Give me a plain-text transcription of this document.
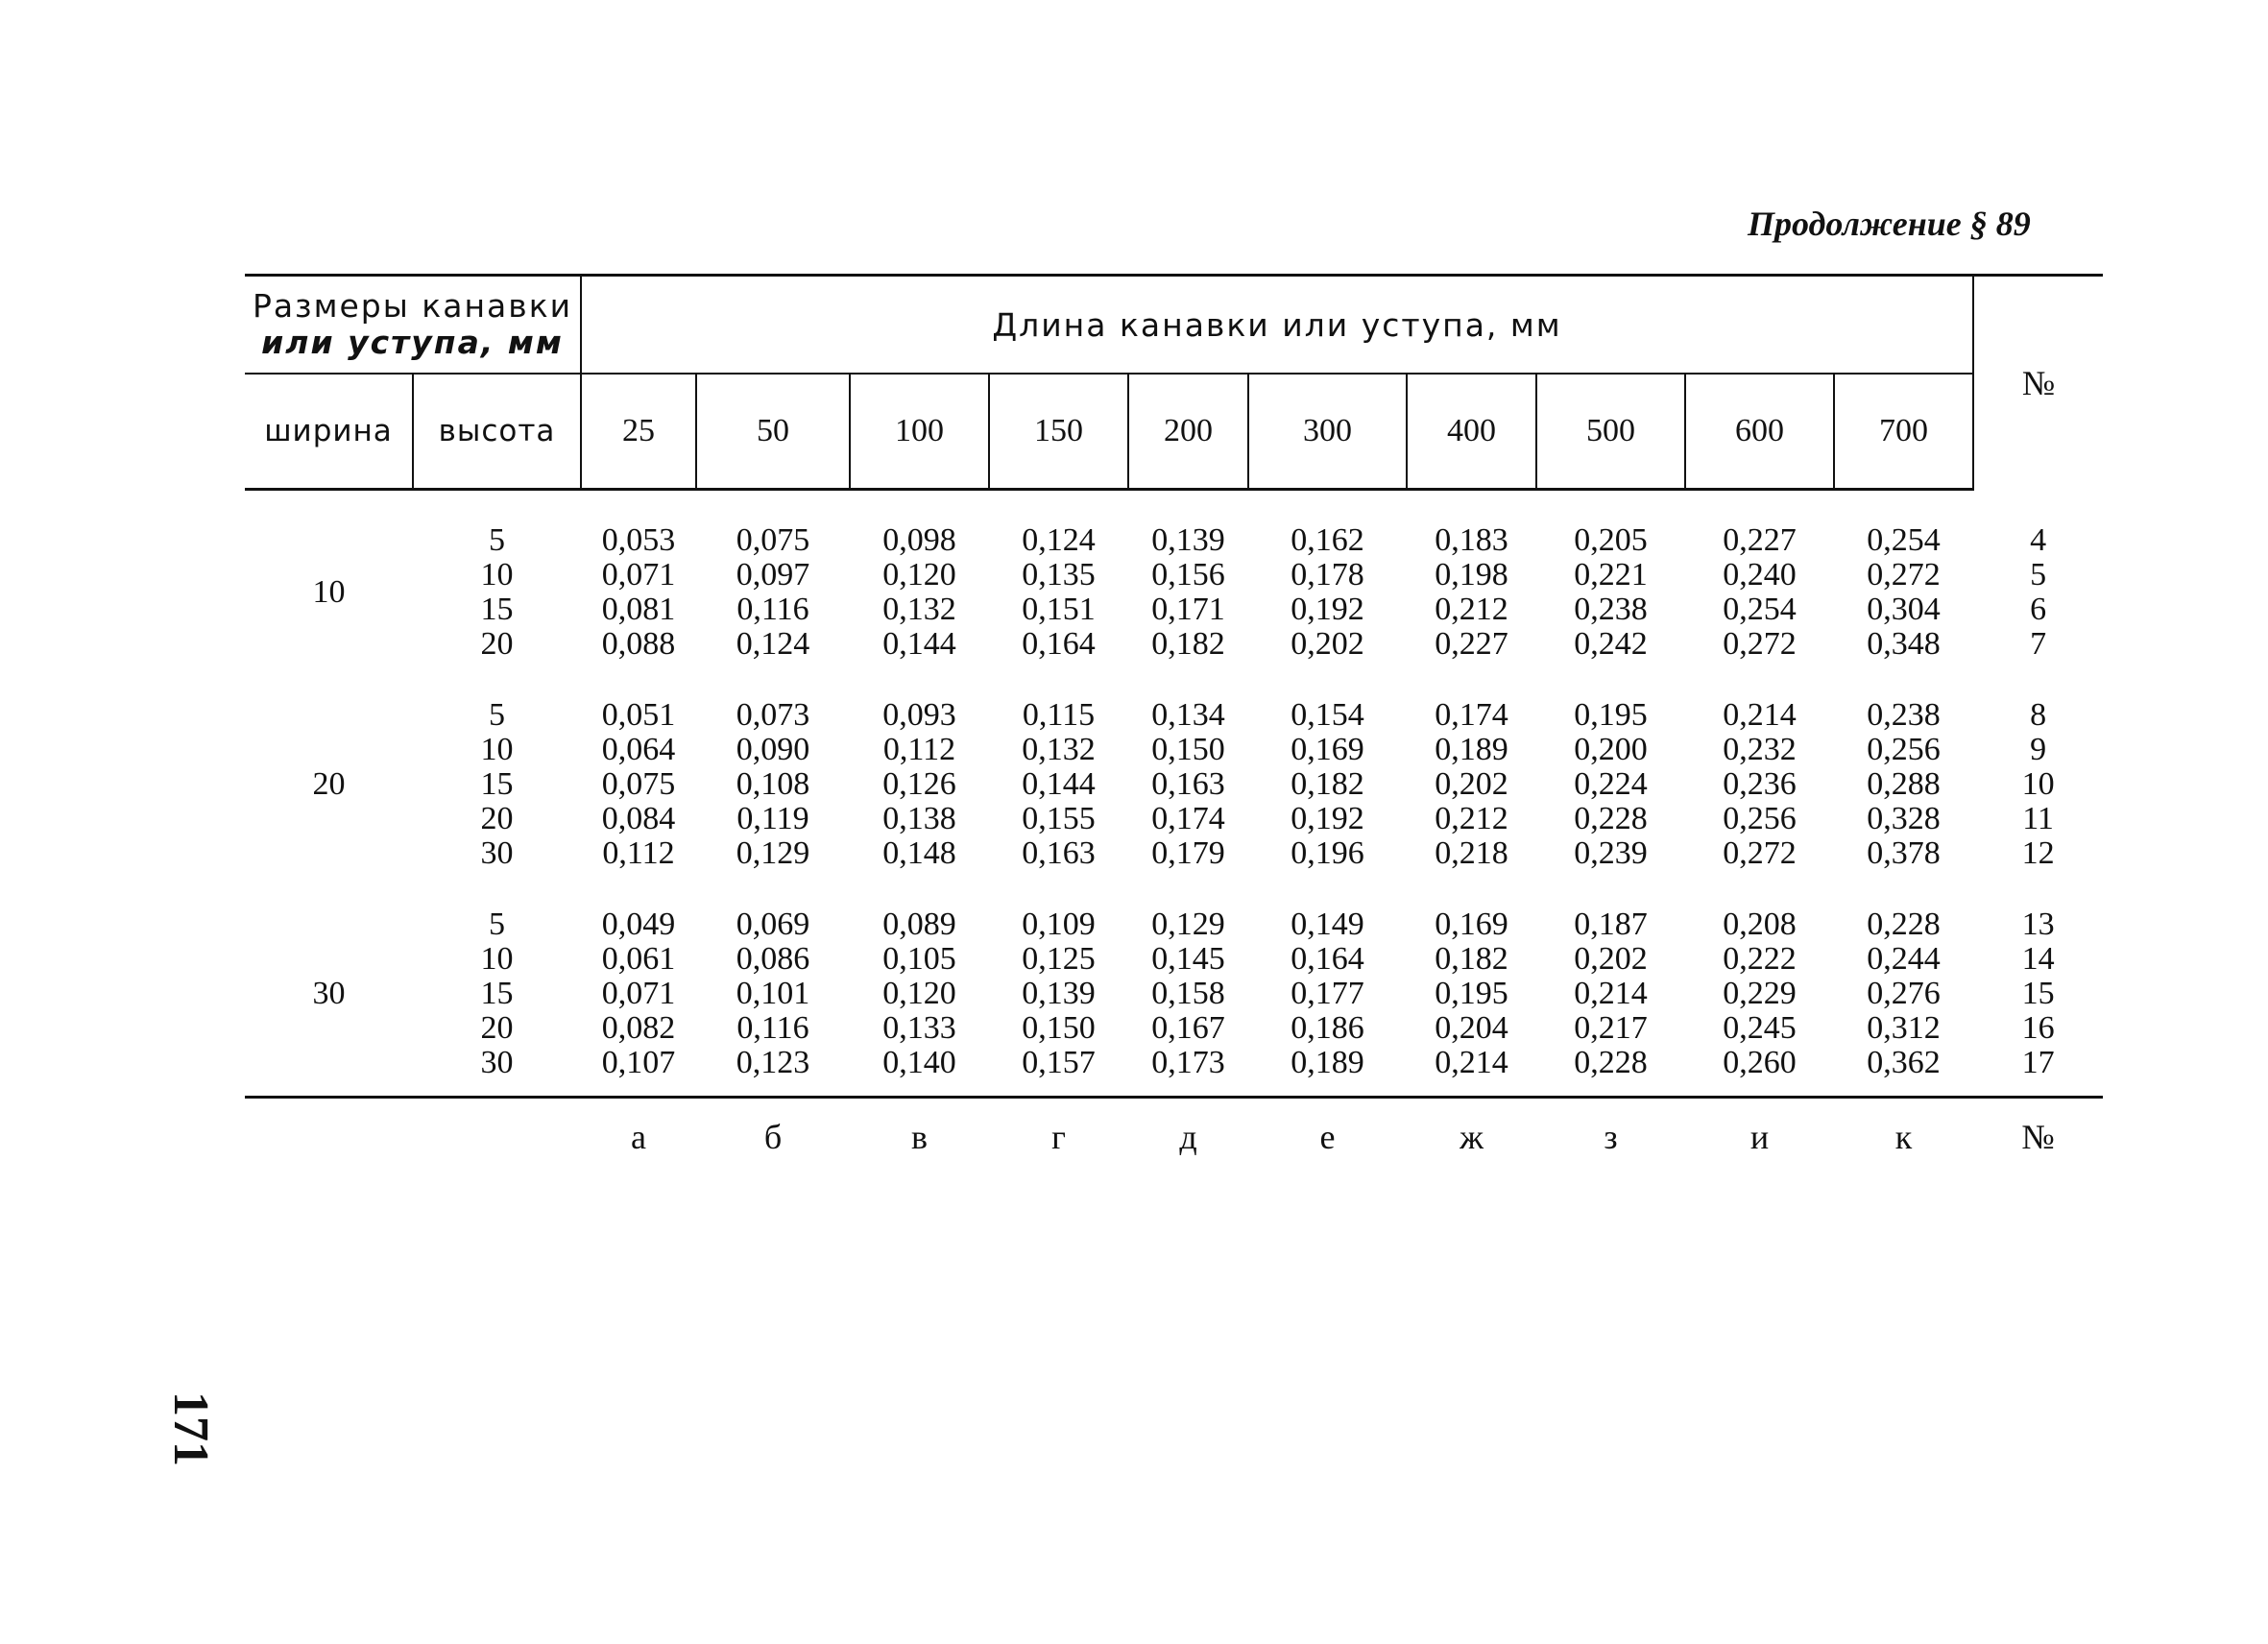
Продолжение § 89
171
Размеры канавки
или уступа, мм		Длина канавки или уступа, мм										№
ширина	высота	25	50	100	150	200	300	400	500	600	700	

10	5	0,053	0,075	0,098	0,124	0,139	0,162	0,183	0,205	0,227	0,254	4
	10	0,071	0,097	0,120	0,135	0,156	0,178	0,198	0,221	0,240	0,272	5
	15	0,081	0,116	0,132	0,151	0,171	0,192	0,212	0,238	0,254	0,304	6
	20	0,088	0,124	0,144	0,164	0,182	0,202	0,227	0,242	0,272	0,348	7

20	5	0,051	0,073	0,093	0,115	0,134	0,154	0,174	0,195	0,214	0,238	8
	10	0,064	0,090	0,112	0,132	0,150	0,169	0,189	0,200	0,232	0,256	9
	15	0,075	0,108	0,126	0,144	0,163	0,182	0,202	0,224	0,236	0,288	10
	20	0,084	0,119	0,138	0,155	0,174	0,192	0,212	0,228	0,256	0,328	11
	30	0,112	0,129	0,148	0,163	0,179	0,196	0,218	0,239	0,272	0,378	12

30	5	0,049	0,069	0,089	0,109	0,129	0,149	0,169	0,187	0,208	0,228	13
	10	0,061	0,086	0,105	0,125	0,145	0,164	0,182	0,202	0,222	0,244	14
	15	0,071	0,101	0,120	0,139	0,158	0,177	0,195	0,214	0,229	0,276	15
	20	0,082	0,116	0,133	0,150	0,167	0,186	0,204	0,217	0,245	0,312	16
	30	0,107	0,123	0,140	0,157	0,173	0,189	0,214	0,228	0,260	0,362	17

		а	б	в	г	д	е	ж	з	и	к	№
